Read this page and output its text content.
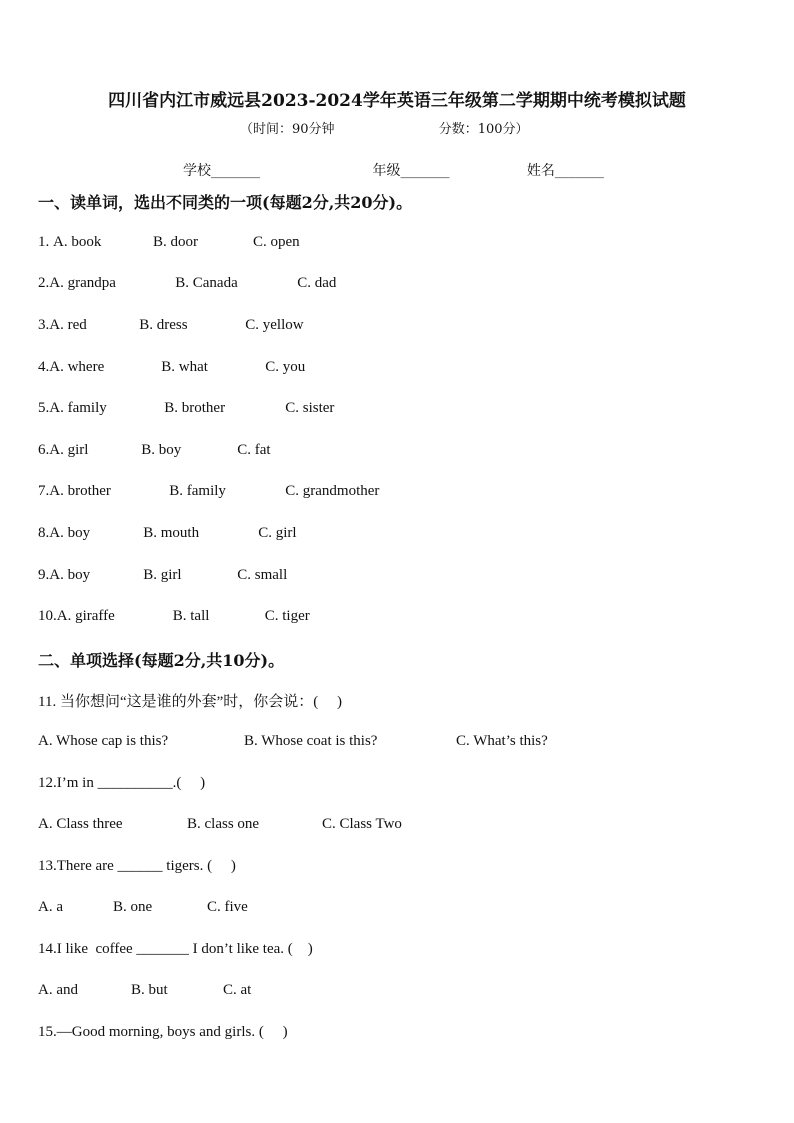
四川省内江市威远县2023-2024学年英语三年级第二学期期中统考模拟试题
（时间：90分钟	分数：100分）
学校_______	年级_______	姓名_______
一、读单词，选出不同类的一项(每题2分,共20分)。
1. A. book	B. door	C. open
2.A. grandpa	B. Canada	C. dad
3.A. red	B. dress	C. yellow
4.A. where	B. what	C. you
5.A. family	B. brother	C. sister
6.A. girl	B. boy	C. fat
7.A. brother	B. family	C. grandmother
8.A. boy	B. mouth	C. girl
9.A. boy	B. girl	C. small
10.A. giraffe	B. tall	C. tiger
二、单项选择(每题2分,共10分)。
11. 当你想问“这是谁的外套”时，你会说：(     )
A. Whose cap is this?	B. Whose coat is this?	C. What’s this?
12.I’m in __________.(     )
A. Class three	B. class one	C. Class Two
13.There are ______ tigers. (     )
A. a	B. one	C. five
14.I like  coffee _______ I don’t like tea. (    )
A. and	B. but	C. at
15.—Good morning, boys and girls. (     )
